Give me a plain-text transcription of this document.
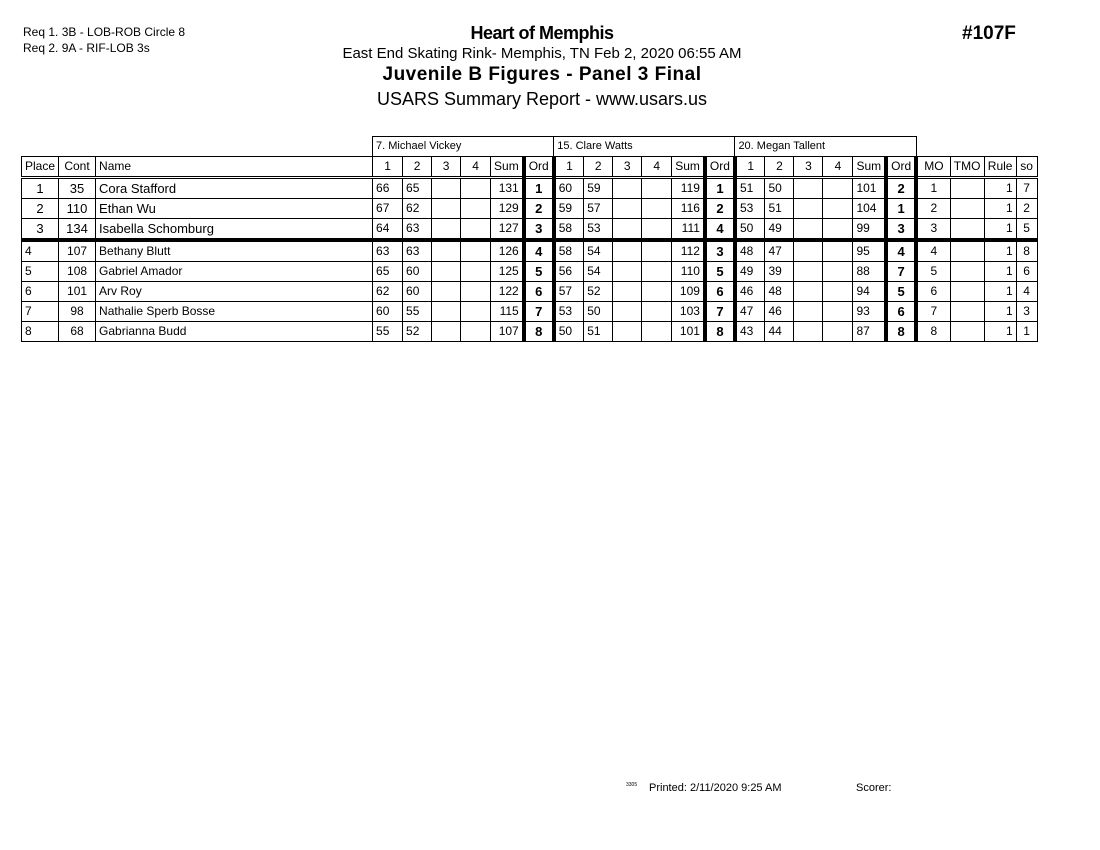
Req 1. 3B - LOB-ROB Circle 8
Req 2. 9A - RIF-LOB 3s
Heart of Memphis
East End Skating Rink- Memphis, TN Feb 2, 2020 06:55 AM
Juvenile B Figures - Panel 3 Final
USARS Summary Report - www.usars.us
#107F
			7. Michael Vickey						15. Clare Watts						20. Megan Tallent									
Place	Cont	Name	1	2	3	4	Sum	Ord	1	2	3	4	Sum	Ord	1	2	3	4	Sum	Ord	MO	TMO	Rule	so
1	35	Cora Stafford	66	65			131	1	60	59			119	1	51	50			101	2	1		1	7
2	110	Ethan Wu	67	62			129	2	59	57			116	2	53	51			104	1	2		1	2
3	134	Isabella Schomburg	64	63			127	3	58	53			111	4	50	49			99	3	3		1	5
4	107	Bethany Blutt	63	63			126	4	58	54			112	3	48	47			95	4	4		1	8
5	108	Gabriel Amador	65	60			125	5	56	54			110	5	49	39			88	7	5		1	6
6	101	Arv Roy	62	60			122	6	57	52			109	6	46	48			94	5	6		1	4
7	98	Nathalie Sperb Bosse	60	55			115	7	53	50			103	7	47	46			93	6	7		1	3
8	68	Gabrianna Budd	55	52			107	8	50	51			101	8	43	44			87	8	8		1	1
3305 Printed: 2/11/2020 9:25 AM	Scorer:
